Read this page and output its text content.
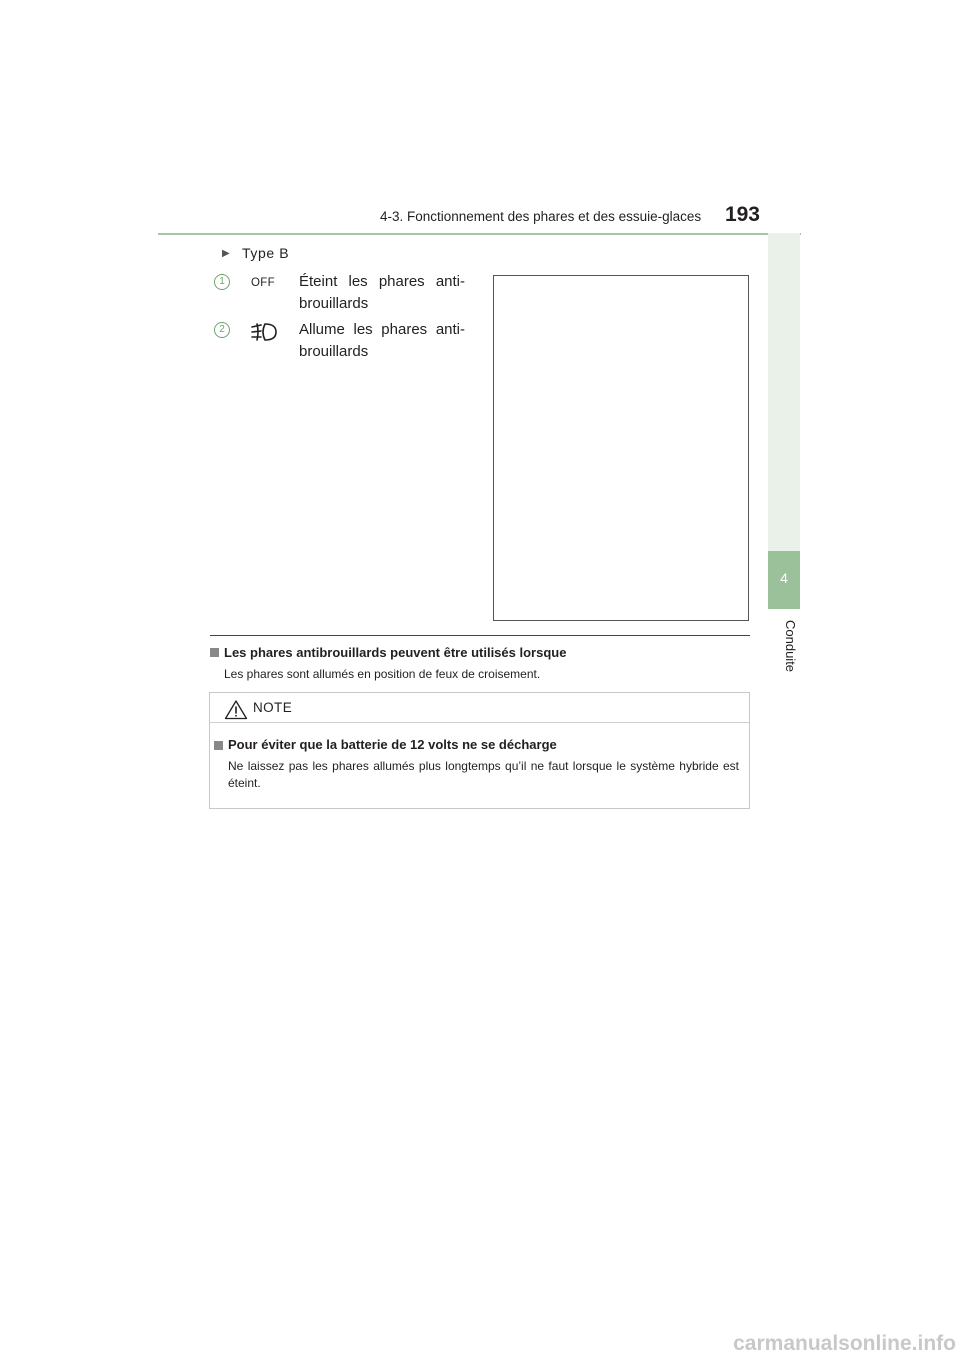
4-3. Fonctionnement des phares et des essuie-glaces	193
4
Conduite
▶ Type B
1	OFF Éteint les phares anti-brouillards
2	Allume les phares anti-brouillards
Les phares antibrouillards peuvent être utilisés lorsque
Les phares sont allumés en position de feux de croisement.
NOTE
Pour éviter que la batterie de 12 volts ne se décharge
Ne laissez pas les phares allumés plus longtemps qu’il ne faut lorsque le système hybride est éteint.
carmanualsonline.info
